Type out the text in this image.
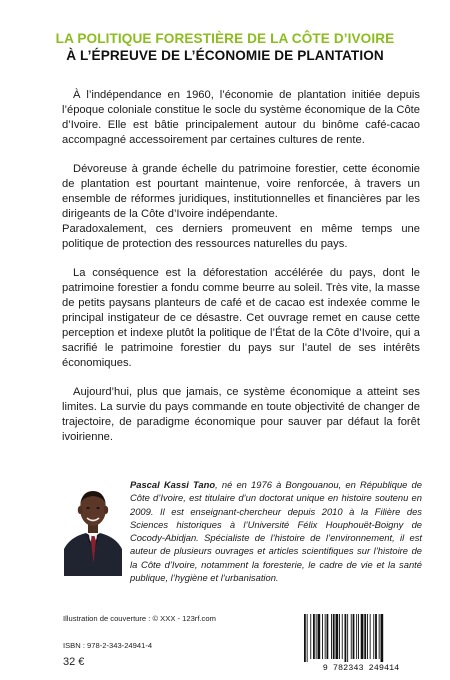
LA POLITIQUE FORESTIÈRE DE LA CÔTE D’IVOIRE
À L’ÉPREUVE DE L’ÉCONOMIE DE PLANTATION

À l’indépendance en 1960, l’économie de plantation initiée depuis l’époque coloniale constitue le socle du système économique de la Côte d’Ivoire. Elle est bâtie principalement autour du binôme café-cacao accompagné accessoirement par certaines cultures de rente.

Dévoreuse à grande échelle du patrimoine forestier, cette économie de plantation est pourtant maintenue, voire renforcée, à travers un ensemble de réformes juridiques, institutionnelles et financières par les dirigeants de la Côte d’Ivoire indépendante.

Paradoxalement, ces derniers promeuvent en même temps une politique de protection des ressources naturelles du pays.

La conséquence est la déforestation accélérée du pays, dont le patrimoine forestier a fondu comme beurre au soleil. Très vite, la masse de petits paysans planteurs de café et de cacao est indexée comme le principal instigateur de ce désastre. Cet ouvrage remet en cause cette perception et indexe plutôt la politique de l’État de la Côte d’Ivoire, qui a sacrifié le patrimoine forestier du pays sur l’autel de ses intérêts économiques.

Aujourd’hui, plus que jamais, ce système économique a atteint ses limites. La survie du pays commande en toute objectivité de changer de trajectoire, de paradigme économique pour sauver par défaut la forêt ivoirienne.

Pascal Kassi Tano, né en 1976 à Bongouanou, en République de Côte d’Ivoire, est titulaire d’un doctorat unique en histoire soutenu en 2009. Il est enseignant-chercheur depuis 2010 à la Filière des Sciences historiques à l’Université Félix Houphouët-Boigny de Cocody-Abidjan. Spécialiste de l’histoire de l’environnement, il est auteur de plusieurs ouvrages et articles scientifiques sur l’histoire de la Côte d’Ivoire, notamment la foresterie, le cadre de vie et la santé publique, l’hygiène et l’urbanisation.
Illustration de couverture : © XXX - 123rf.com
ISBN : 978-2-343-24941-4
32 €	9 782343 249414
